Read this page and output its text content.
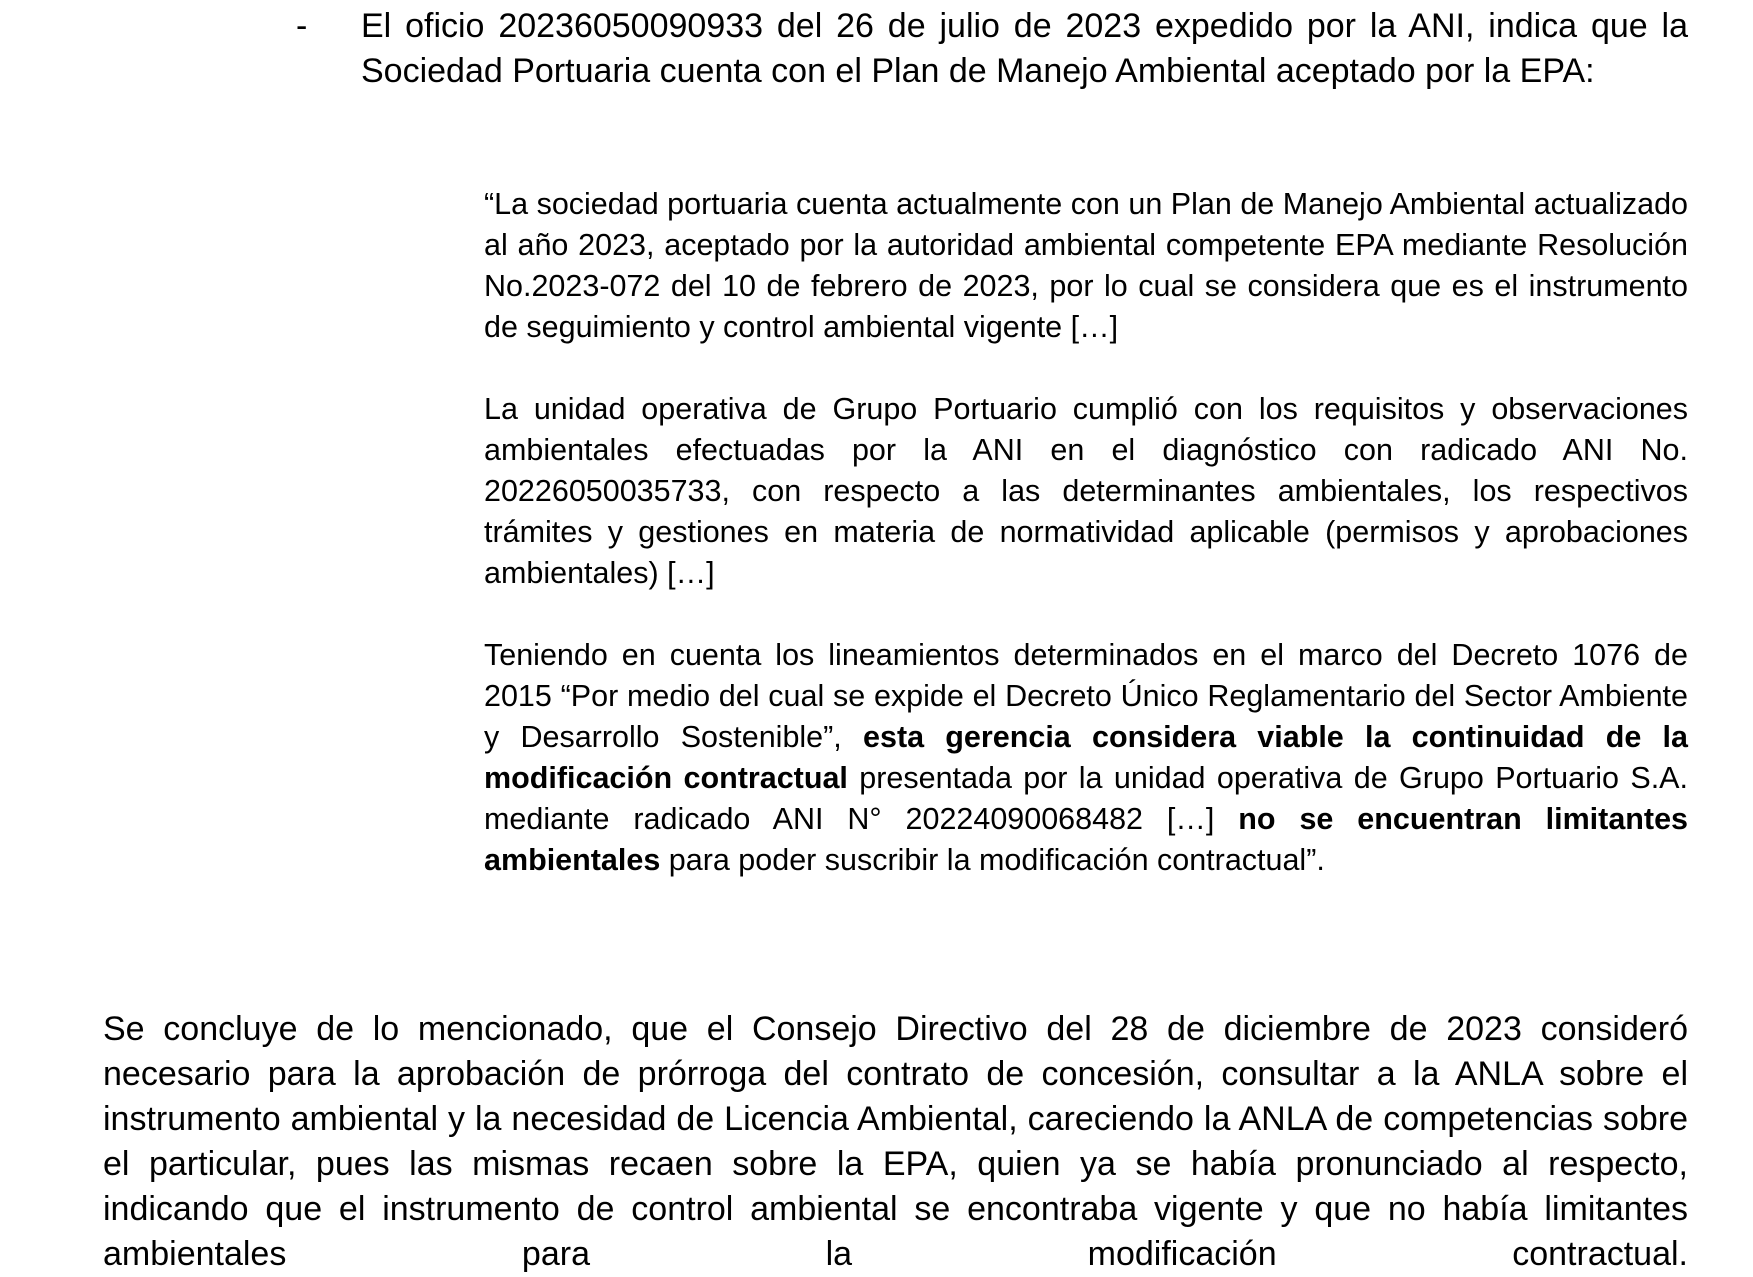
- El oficio 20236050090933 del 26 de julio de 2023 expedido por la ANI, indica que la Sociedad Portuaria cuenta con el Plan de Manejo Ambiental aceptado por la EPA:

“La sociedad portuaria cuenta actualmente con un Plan de Manejo Ambiental actualizado al año 2023, aceptado por la autoridad ambiental competente EPA mediante Resolución No.2023-072 del 10 de febrero de 2023, por lo cual se considera que es el instrumento de seguimiento y control ambiental vigente […]

La unidad operativa de Grupo Portuario cumplió con los requisitos y observaciones ambientales efectuadas por la ANI en el diagnóstico con radicado ANI No. 20226050035733, con respecto a las determinantes ambientales, los respectivos trámites y gestiones en materia de normatividad aplicable (permisos y aprobaciones ambientales) […]

Teniendo en cuenta los lineamientos determinados en el marco del Decreto 1076 de 2015 “Por medio del cual se expide el Decreto Único Reglamentario del Sector Ambiente y Desarrollo Sostenible”, esta gerencia considera viable la continuidad de la modificación contractual presentada por la unidad operativa de Grupo Portuario S.A. mediante radicado ANI N° 20224090068482 […] no se encuentran limitantes ambientales para poder suscribir la modificación contractual”.

Se concluye de lo mencionado, que el Consejo Directivo del 28 de diciembre de 2023 consideró necesario para la aprobación de prórroga del contrato de concesión, consultar a la ANLA sobre el instrumento ambiental y la necesidad de Licencia Ambiental, careciendo la ANLA de competencias sobre el particular, pues las mismas recaen sobre la EPA, quien ya se había pronunciado al respecto, indicando que el instrumento de control ambiental se encontraba vigente y que no había limitantes ambientales para la modificación contractual.
